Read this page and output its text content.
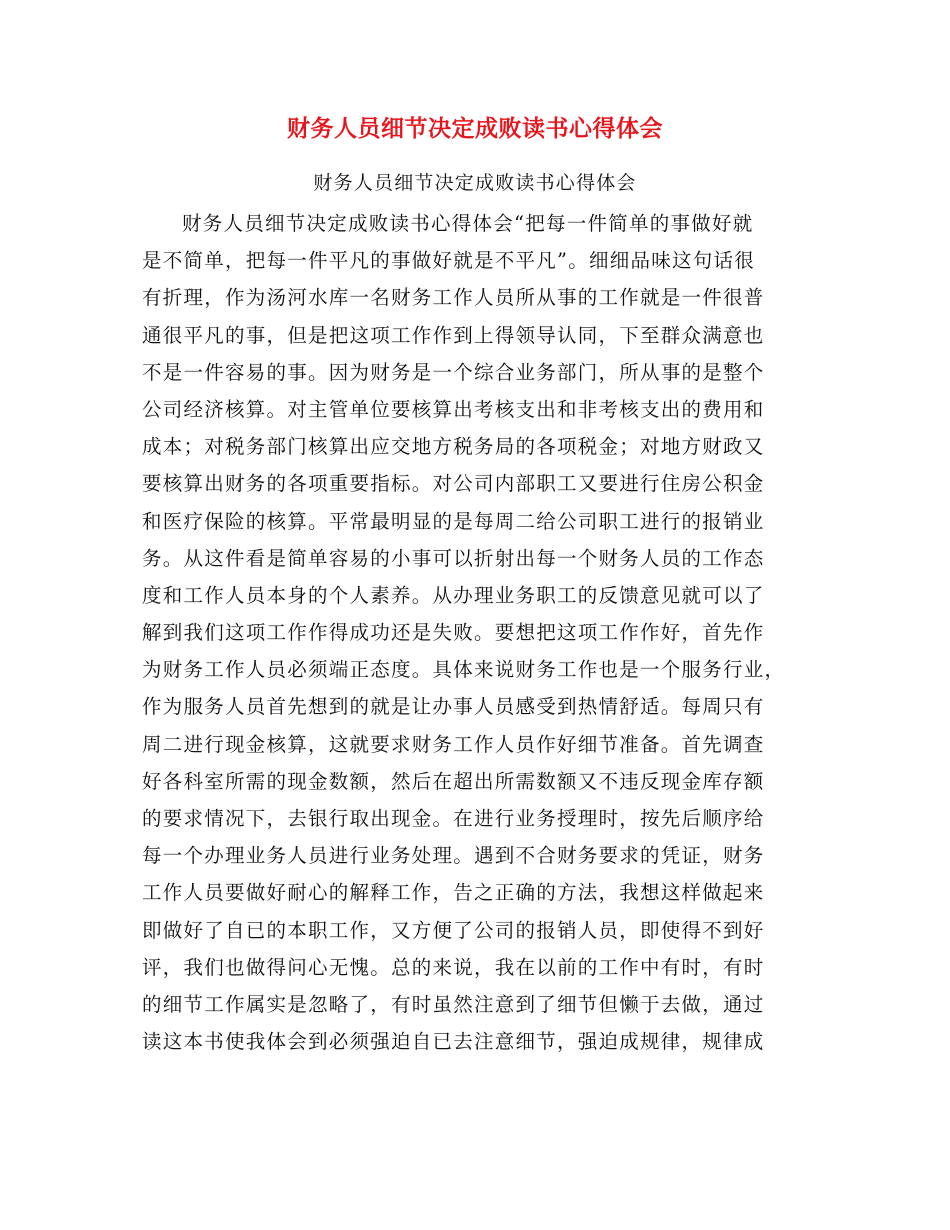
财务人员细节决定成败读书心得体会
财务人员细节决定成败读书心得体会
财务人员细节决定成败读书心得体会“把每一件简单的事做好就
是不简单，把每一件平凡的事做好就是不平凡”。细细品味这句话很
有折理，作为汤河水库一名财务工作人员所从事的工作就是一件很普
通很平凡的事，但是把这项工作作到上得领导认同，下至群众满意也
不是一件容易的事。因为财务是一个综合业务部门，所从事的是整个
公司经济核算。对主管单位要核算出考核支出和非考核支出的费用和
成本；对税务部门核算出应交地方税务局的各项税金；对地方财政又
要核算出财务的各项重要指标。对公司内部职工又要进行住房公积金
和医疗保险的核算。平常最明显的是每周二给公司职工进行的报销业
务。从这件看是简单容易的小事可以折射出每一个财务人员的工作态
度和工作人员本身的个人素养。从办理业务职工的反馈意见就可以了
解到我们这项工作作得成功还是失败。要想把这项工作作好，首先作
为财务工作人员必须端正态度。具体来说财务工作也是一个服务行业，
作为服务人员首先想到的就是让办事人员感受到热情舒适。每周只有
周二进行现金核算，这就要求财务工作人员作好细节准备。首先调查
好各科室所需的现金数额，然后在超出所需数额又不违反现金库存额
的要求情况下，去银行取出现金。在进行业务授理时，按先后顺序给
每一个办理业务人员进行业务处理。遇到不合财务要求的凭证，财务
工作人员要做好耐心的解释工作，告之正确的方法，我想这样做起来
即做好了自已的本职工作，又方便了公司的报销人员，即使得不到好
评，我们也做得问心无愧。总的来说，我在以前的工作中有时，有时
的细节工作属实是忽略了，有时虽然注意到了细节但懒于去做，通过
读这本书使我体会到必须强迫自已去注意细节，强迫成规律，规律成
